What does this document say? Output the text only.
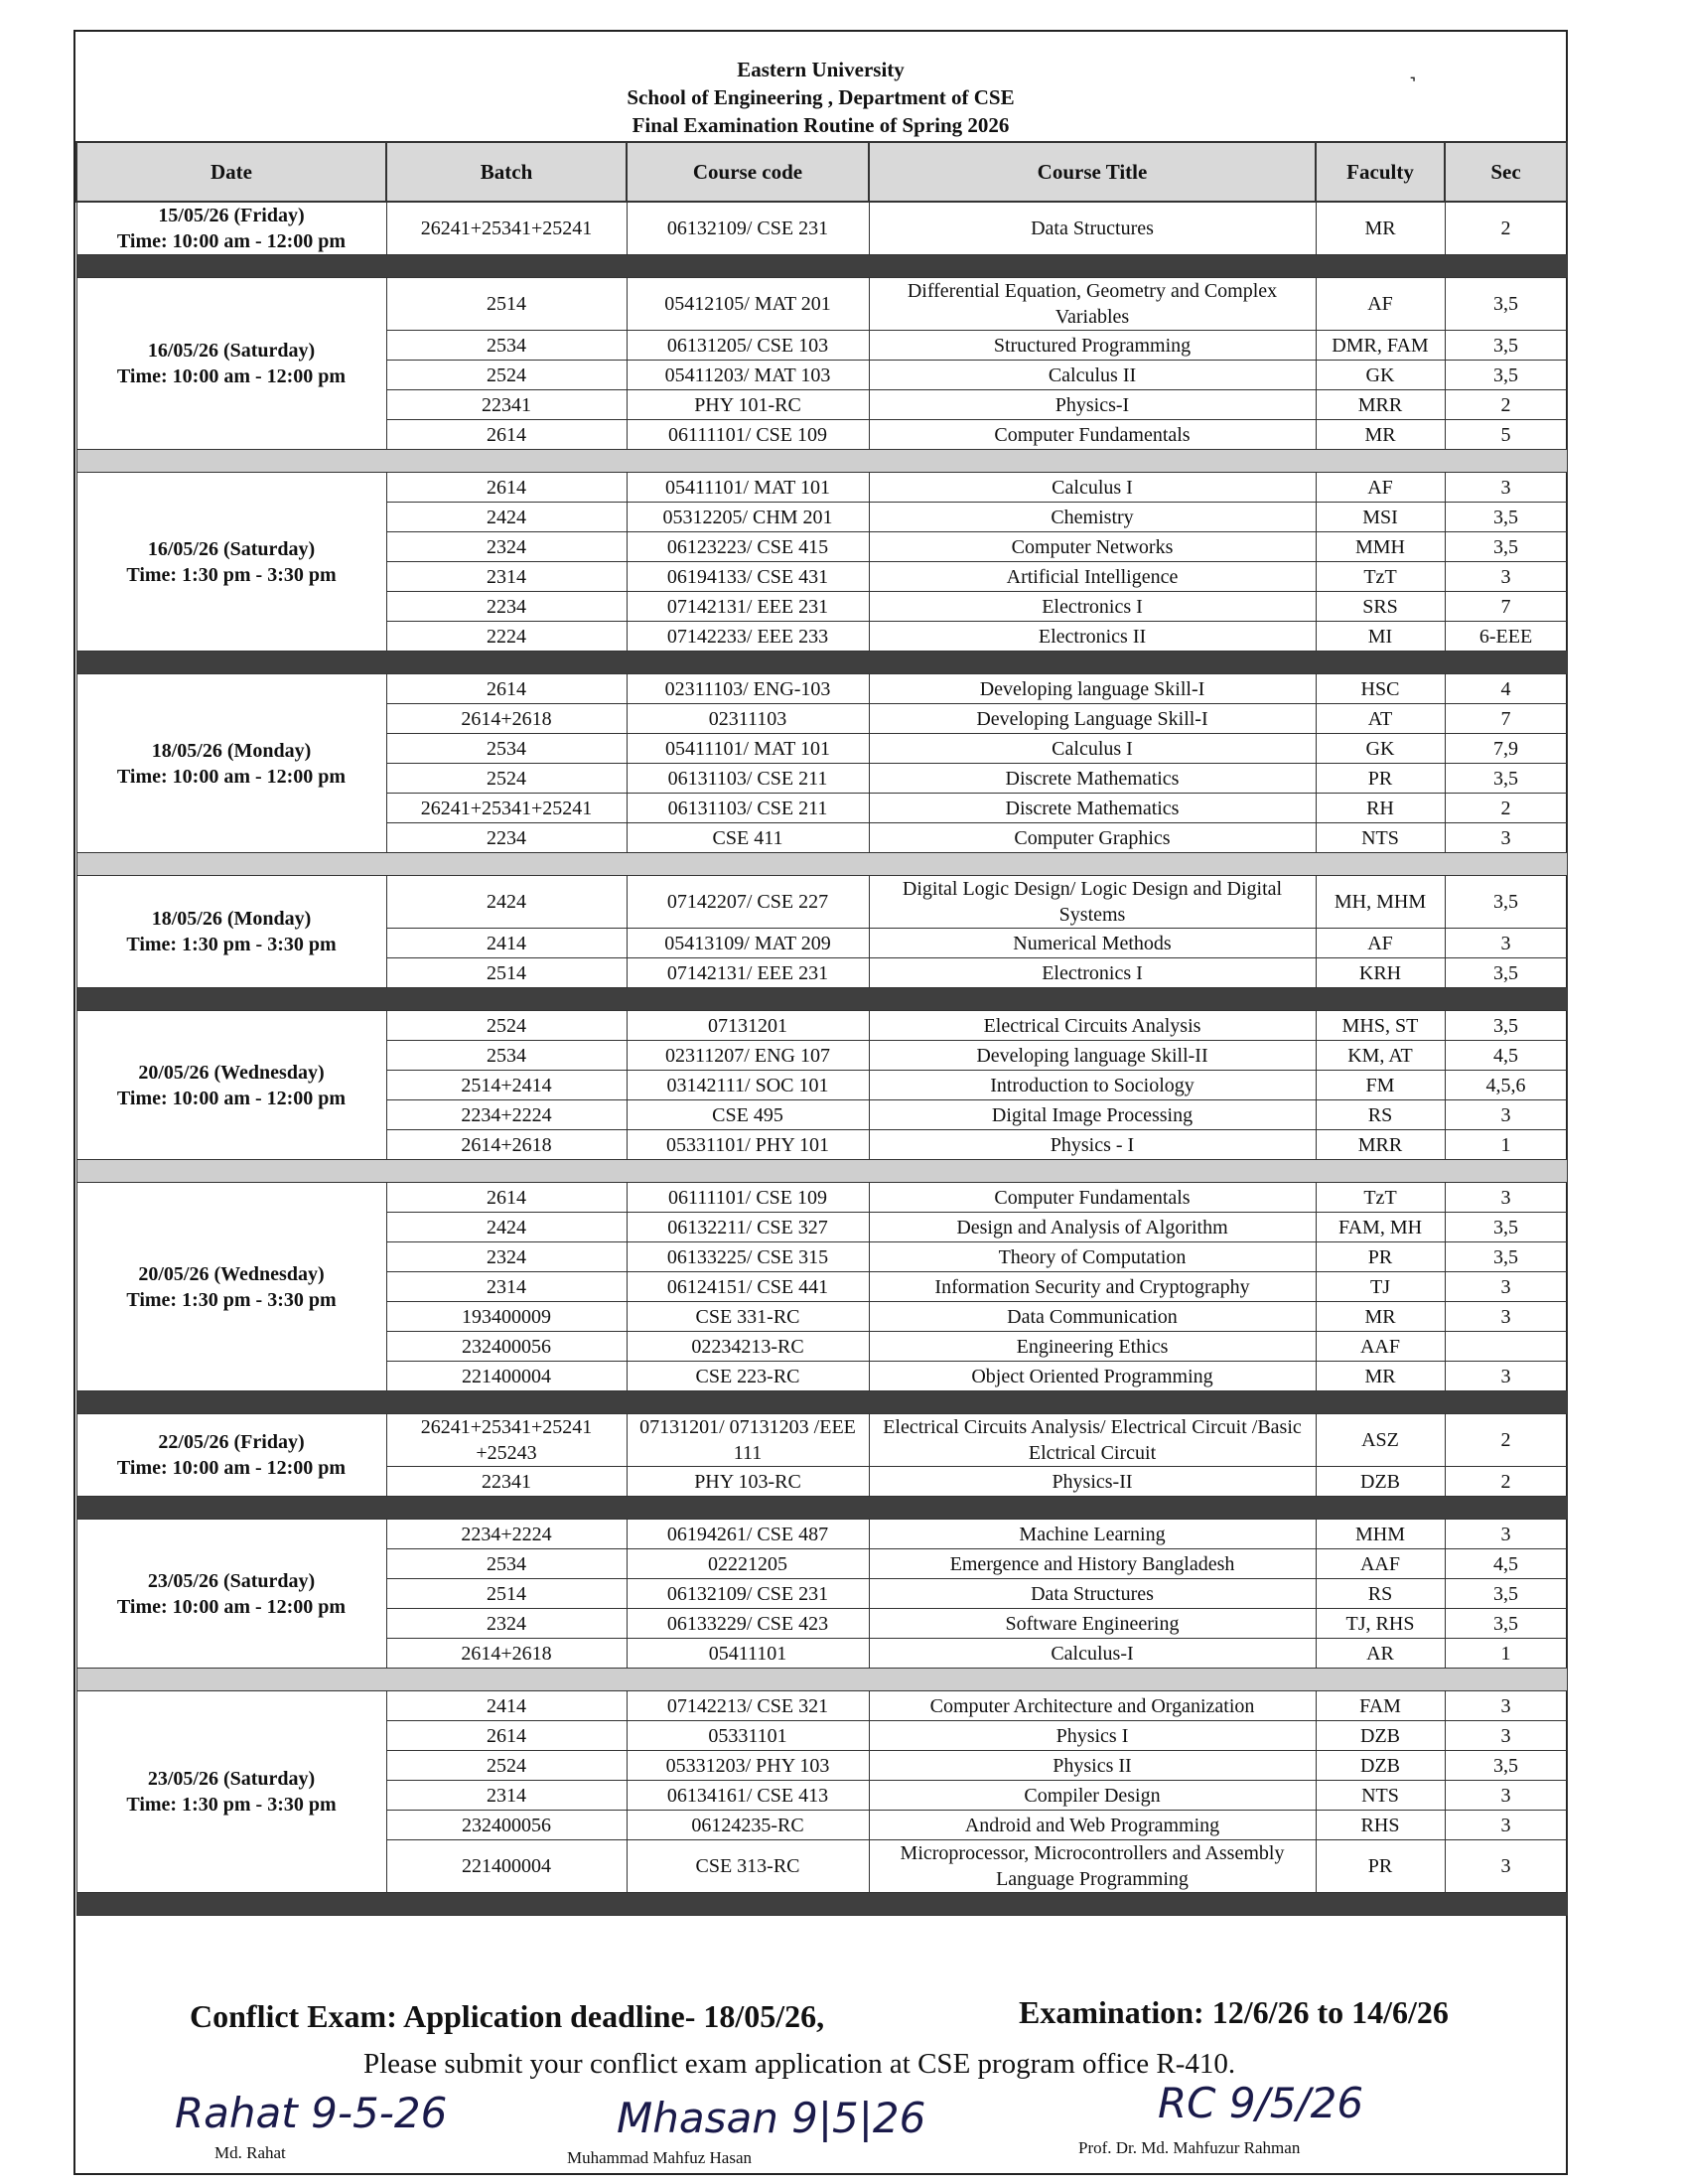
˺
Eastern University
School of Engineering , Department of CSE
Final Examination Routine of Spring 2026
Date	Batch	Course code	Course Title	Faculty	Sec

15/05/26 (Friday)
Time: 10:00 am - 12:00 pm	26241+25341+25241	06132109/ CSE 231	Data Structures	MR	2

16/05/26 (Saturday)
Time: 10:00 am - 12:00 pm	2514	05412105/ MAT 201	Differential Equation, Geometry and Complex Variables	AF	3,5
	2534	06131205/ CSE 103	Structured Programming	DMR, FAM	3,5
	2524	05411203/ MAT 103	Calculus II	GK	3,5
	22341	PHY 101-RC	Physics-I	MRR	2
	2614	06111101/ CSE 109	Computer Fundamentals	MR	5

16/05/26 (Saturday)
Time: 1:30 pm - 3:30 pm	2614	05411101/ MAT 101	Calculus I	AF	3
	2424	05312205/ CHM 201	Chemistry	MSI	3,5
	2324	06123223/ CSE 415	Computer Networks	MMH	3,5
	2314	06194133/ CSE 431	Artificial Intelligence	TzT	3
	2234	07142131/ EEE 231	Electronics I	SRS	7
	2224	07142233/ EEE 233	Electronics II	MI	6-EEE

18/05/26 (Monday)
Time: 10:00 am - 12:00 pm	2614	02311103/ ENG-103	Developing language Skill-I	HSC	4
	2614+2618	02311103	Developing Language Skill-I	AT	7
	2534	05411101/ MAT 101	Calculus I	GK	7,9
	2524	06131103/ CSE 211	Discrete Mathematics	PR	3,5
	26241+25341+25241	06131103/ CSE 211	Discrete Mathematics	RH	2
	2234	CSE 411	Computer Graphics	NTS	3

18/05/26 (Monday)
Time: 1:30 pm - 3:30 pm	2424	07142207/ CSE 227	Digital Logic Design/ Logic Design and Digital Systems	MH, MHM	3,5
	2414	05413109/ MAT 209	Numerical Methods	AF	3
	2514	07142131/ EEE 231	Electronics I	KRH	3,5

20/05/26 (Wednesday)
Time: 10:00 am - 12:00 pm	2524	07131201	Electrical Circuits Analysis	MHS, ST	3,5
	2534	02311207/ ENG 107	Developing language Skill-II	KM, AT	4,5
	2514+2414	03142111/ SOC 101	Introduction to Sociology	FM	4,5,6
	2234+2224	CSE 495	Digital Image Processing	RS	3
	2614+2618	05331101/ PHY 101	Physics - I	MRR	1

20/05/26 (Wednesday)
Time: 1:30 pm - 3:30 pm	2614	06111101/ CSE 109	Computer Fundamentals	TzT	3
	2424	06132211/ CSE 327	Design and Analysis of Algorithm	FAM, MH	3,5
	2324	06133225/ CSE 315	Theory of Computation	PR	3,5
	2314	06124151/ CSE 441	Information Security and Cryptography	TJ	3
	193400009	CSE 331-RC	Data Communication	MR	3
	232400056	02234213-RC	Engineering Ethics	AAF	
	221400004	CSE 223-RC	Object Oriented Programming	MR	3

22/05/26 (Friday)
Time: 10:00 am - 12:00 pm	26241+25341+25241 +25243	07131201/ 07131203 /EEE 111	Electrical Circuits Analysis/ Electrical Circuit /Basic Elctrical Circuit	ASZ	2
	22341	PHY 103-RC	Physics-II	DZB	2

23/05/26 (Saturday)
Time: 10:00 am - 12:00 pm	2234+2224	06194261/ CSE 487	Machine Learning	MHM	3
	2534	02221205	Emergence and History Bangladesh	AAF	4,5
	2514	06132109/ CSE 231	Data Structures	RS	3,5
	2324	06133229/ CSE 423	Software Engineering	TJ, RHS	3,5
	2614+2618	05411101	Calculus-I	AR	1

23/05/26 (Saturday)
Time: 1:30 pm - 3:30 pm	2414	07142213/ CSE 321	Computer Architecture and Organization	FAM	3
	2614	05331101	Physics I	DZB	3
	2524	05331203/ PHY 103	Physics II	DZB	3,5
	2314	06134161/ CSE 413	Compiler Design	NTS	3
	232400056	06124235-RC	Android and Web Programming	RHS	3
	221400004	CSE 313-RC	Microprocessor, Microcontrollers and Assembly Language Programming	PR	3

Conflict Exam: Application deadline- 18/05/26,	Examination: 12/6/26 to 14/6/26
Please submit your conflict exam application at CSE program office R-410.
Rahat 9-5-26
Md. Rahat
Mhasan 9|5|26
Muhammad Mahfuz Hasan
RC 9/5/26
Prof. Dr. Md. Mahfuzur Rahman
